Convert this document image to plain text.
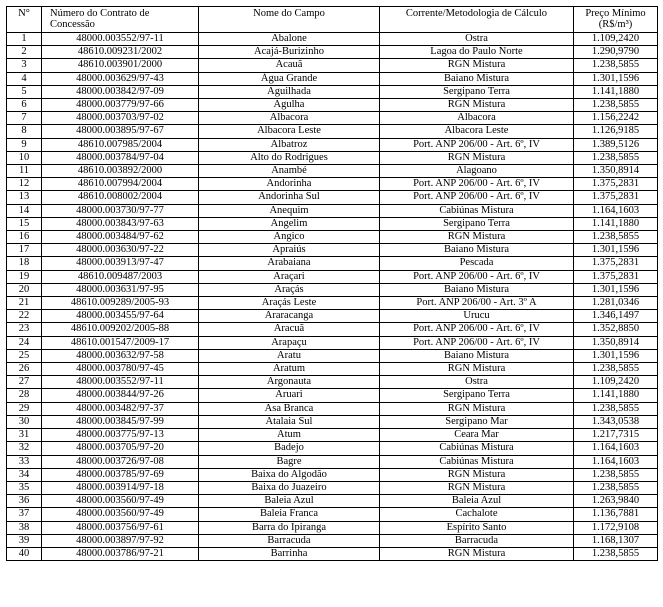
N°	Número do Contrato de Concessão	Nome do Campo	Corrente/Metodologia de Cálculo	Preço Mínimo
(R$/m³)
1	48000.003552/97-11	Abalone	Ostra	1.109,2420
2	48610.009231/2002	Acajá-Burizinho	Lagoa do Paulo Norte	1.290,9790
3	48610.003901/2000	Acauã	RGN Mistura	1.238,5855
4	48000.003629/97-43	Água Grande	Baiano Mistura	1.301,1596
5	48000.003842/97-09	Aguilhada	Sergipano Terra	1.141,1880
6	48000.003779/97-66	Agulha	RGN Mistura	1.238,5855
7	48000.003703/97-02	Albacora	Albacora	1.156,2242
8	48000.003895/97-67	Albacora Leste	Albacora Leste	1.126,9185
9	48610.007985/2004	Albatroz	Port. ANP 206/00 - Art. 6º, IV	1.389,5126
10	48000.003784/97-04	Alto do Rodrigues	RGN Mistura	1.238,5855
11	48610.003892/2000	Anambé	Alagoano	1.350,8914
12	48610.007994/2004	Andorinha	Port. ANP 206/00 - Art. 6º, IV	1.375,2831
13	48610.008002/2004	Andorinha Sul	Port. ANP 206/00 - Art. 6º, IV	1.375,2831
14	48000.003730/97-77	Anequim	Cabiúnas Mistura	1.164,1603
15	48000.003843/97-63	Angelim	Sergipano Terra	1.141,1880
16	48000.003484/97-62	Angico	RGN Mistura	1.238,5855
17	48000.003630/97-22	Apraiús	Baiano Mistura	1.301,1596
18	48000.003913/97-47	Arabaiana	Pescada	1.375,2831
19	48610.009487/2003	Araçari	Port. ANP 206/00 - Art. 6º, IV	1.375,2831
20	48000.003631/97-95	Araçás	Baiano Mistura	1.301,1596
21	48610.009289/2005-93	Araçás Leste	Port. ANP 206/00 - Art. 3º A	1.281,0346
22	48000.003455/97-64	Araracanga	Urucu	1.346,1497
23	48610.009202/2005-88	Aracuã	Port. ANP 206/00 - Art. 6º, IV	1.352,8850
24	48610.001547/2009-17	Arapaçu	Port. ANP 206/00 - Art. 6º, IV	1.350,8914
25	48000.003632/97-58	Aratu	Baiano Mistura	1.301,1596
26	48000.003780/97-45	Aratum	RGN Mistura	1.238,5855
27	48000.003552/97-11	Argonauta	Ostra	1.109,2420
28	48000.003844/97-26	Aruari	Sergipano Terra	1.141,1880
29	48000.003482/97-37	Asa Branca	RGN Mistura	1.238,5855
30	48000.003845/97-99	Atalaia Sul	Sergipano Mar	1.343,0538
31	48000.003775/97-13	Atum	Ceara Mar	1.217,7315
32	48000.003705/97-20	Badejo	Cabiúnas Mistura	1.164,1603
33	48000.003726/97-08	Bagre	Cabiúnas Mistura	1.164,1603
34	48000.003785/97-69	Baixa do Algodão	RGN Mistura	1.238,5855
35	48000.003914/97-18	Baixa do Juazeiro	RGN Mistura	1.238,5855
36	48000.003560/97-49	Baleia Azul	Baleia Azul	1.263,9840
37	48000.003560/97-49	Baleia Franca	Cachalote	1.136,7881
38	48000.003756/97-61	Barra do Ipiranga	Espírito Santo	1.172,9108
39	48000.003897/97-92	Barracuda	Barracuda	1.168,1307
40	48000.003786/97-21	Barrinha	RGN Mistura	1.238,5855
